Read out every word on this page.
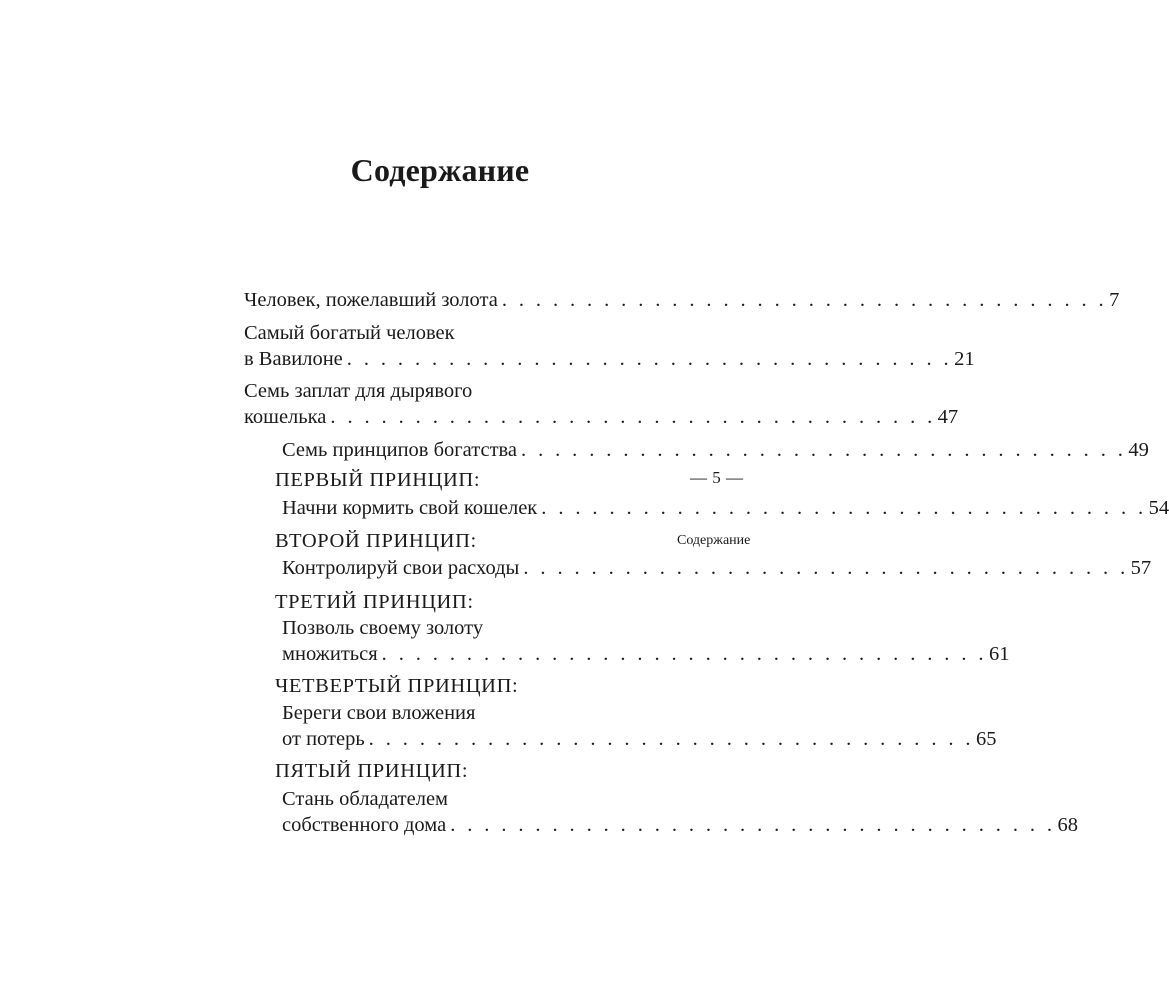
Содержание
Человек, пожелавший золота . . . . . . . . . . . . . . . . . . . . . . . . . . . . . . . . . . . . 7
Самый богатый человек
в Вавилоне . . . . . . . . . . . . . . . . . . . . . . . . . . . . . . . . . . . . 21
Семь заплат для дырявого
кошелька . . . . . . . . . . . . . . . . . . . . . . . . . . . . . . . . . . . . 47
Семь принципов богатства . . . . . . . . . . . . . . . . . . . . . . . . . . . . . . . . . . . . 49
ПЕРВЫЙ ПРИНЦИП:
Начни кормить свой кошелек . . . . . . . . . . . . . . . . . . . . . . . . . . . . . . . . . . . . 54
ВТОРОЙ ПРИНЦИП:
Контролируй свои расходы . . . . . . . . . . . . . . . . . . . . . . . . . . . . . . . . . . . . 57
ТРЕТИЙ ПРИНЦИП:
Позволь своему золоту
множиться . . . . . . . . . . . . . . . . . . . . . . . . . . . . . . . . . . . . 61
ЧЕТВЕРТЫЙ ПРИНЦИП:
Береги свои вложения
от потерь . . . . . . . . . . . . . . . . . . . . . . . . . . . . . . . . . . . . 65
ПЯТЫЙ ПРИНЦИП:
Стань обладателем
собственного дома . . . . . . . . . . . . . . . . . . . . . . . . . . . . . . . . . . . . 68
— 5 —
Содержание
